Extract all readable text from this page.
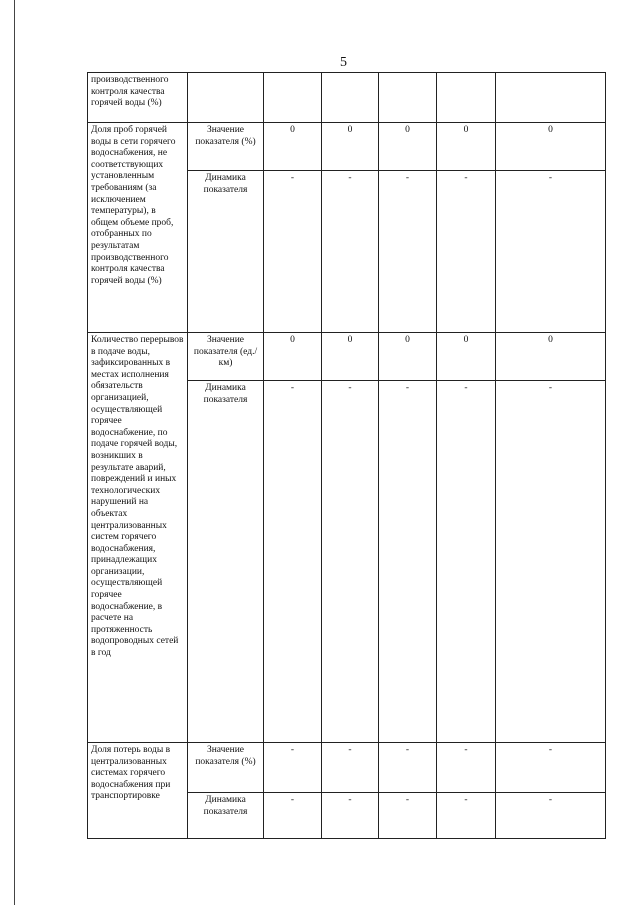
5
производственного контроля качества горячей воды (%)						
Доля проб горячей воды в сети горячего водоснабжения, не соответствующих установленным требованиям (за исключением температуры), в общем объеме проб, отобранных по результатам производственного контроля качества горячей воды (%)	Значение показателя (%)	0	0	0	0	0
	Динамика показателя	-	-	-	-	-
Количество перерывов в подаче воды, зафиксированных в местах исполнения обязательств организацией, осуществляющей горячее водоснабжение, по подаче горячей воды, возникших в результате аварий, повреждений и иных технологических нарушений на объектах централизованных систем горячего водоснабжения, принадлежащих организации, осуществляющей горячее водоснабжение, в расчете на протяженность водопроводных сетей в год	Значение показателя (ед./км)	0	0	0	0	0
	Динамика показателя	-	-	-	-	-
Доля потерь воды в централизованных системах горячего водоснабжения при транспортировке	Значение показателя (%)	-	-	-	-	-
	Динамика показателя	-	-	-	-	-
